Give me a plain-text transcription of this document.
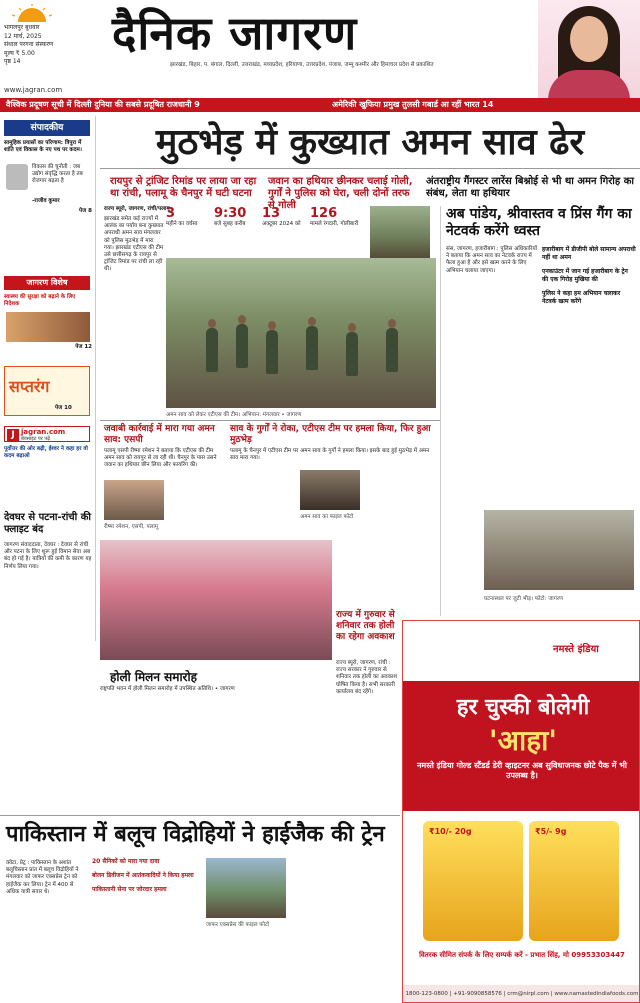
भागलपुर बुधवार
12 मार्च, 2025
संथाल परगना संस्करण
मूल्य ₹ 5.00
पृष्ठ 14
दैनिक जागरण
www.jagran.com
झारखंड, बिहार, प. बंगाल, दिल्ली, उत्तराखंड, मध्यप्रदेश, हरियाणा, उत्तरप्रदेश, पंजाब, जम्मू कश्मीर और हिमाचल प्रदेश से प्रकाशित
वैश्विक प्रदूषण सूची में दिल्ली दुनिया की सबसे प्रदूषित राजधानी 9	अमेरिकी खुफिया प्रमुख तुलसी गबार्ड आ रहीं भारत 14
संपादकीय
सामूहिक प्रयासों का परिणाम: त्रिपुरा में शांति एवं विकास के नए पथ पर कदम।
विकास की चुनौती : जब उद्योग संवृद्धि करता है तब रोजगार बढ़ता है
-राजीव कुमार
पेज 8
जागरण विशेष
स्वास्थ्य की सुरक्षा को बढ़ाने के लिए निदेशक
पेज 12
सप्तरंग
पेज 10
J jagran.com
बेवसाइट पर पढ़ें
पूर्वोत्तर की ओर बढ़ी, ईश्वर ने कहा हर वो कदम बढ़ाओ
देवघर से पटना-रांची की फ्लाइट बंद
जागरण संवाददाता, देवघर : देवघर से रांची और पटना के लिए शुरू हुई विमान सेवा अब बंद हो गई है। यात्रियों की कमी के कारण यह निर्णय लिया गया।
मुठभेड़ में कुख्यात अमन साव ढेर
रायपुर से ट्रांजिट रिमांड पर लाया जा रहा था रांची, पलामू के चैनपुर में घटी घटना
जवान का हथियार छीनकर चलाई गोली, गुर्गों ने पुलिस को घेरा, चली दोनों तरफ से गोली
अंतराष्ट्रीय गैंगस्टर लारेंस बिश्नोई से भी था अमन गिरोह का संबंध, लेता था हथियार
राज्य ब्यूरो, जागरण, रांची/पलामू
झारखंड समेत कई राज्यों में आतंक का पर्याय बना कुख्यात अपराधी अमन साव मंगलवार को पुलिस मुठभेड़ में मारा गया। झारखंड एटीएस की टीम उसे छत्तीसगढ़ के रायपुर से ट्रांजिट रिमांड पर रांची ला रही थी।
3
महीने का वर्चस्व
9:30
बजे सुबह करीब
13
अक्टूबर 2024 को
126
मामले रंगदारी, गोलीबारी
अमन साव को लेकर एटीएस की टीम। अभियान: मंगलवार • जागरण
अब पांडेय, श्रीवास्तव व प्रिंस गैंग का नेटवर्क करेंगे ध्वस्त
संस, जागरण, हजारीबाग : पुलिस अधिकारियों ने बताया कि अमन साव का नेटवर्क राज्य में फैला हुआ है और इसे खत्म करने के लिए अभियान चलाया जाएगा।
हजारीबाग में डीजीपी बोले सामान्य अपराधी नहीं था अमन
एनकाउंटर में जान गई हजारीबाग के ट्रेन की एक गिरोह मुखिया की
पुलिस ने कहा हम अभियान चलाकर नेटवर्क खत्म करेंगे
जवाबी कार्रवाई में मारा गया अमन साव: एसपी
पलामू एसपी रीष्मा रमेशन ने बताया कि एटीएस की टीम अमन साव को रायपुर से ला रही थी। चैनपुर के पास उसने जवान का हथियार छीन लिया और फायरिंग की।
रीष्मा रमेशन, एसपी, पलामू
साव के गुर्गों ने रोका, एटीएस टीम पर हमला किया, फिर हुआ मुठभेड़
पलामू के चैनपुर में एटीएस टीम पर अमन साव के गुर्गों ने हमला किया। इसके बाद हुई मुठभेड़ में अमन साव मारा गया।
अमन साव का फाइल फोटो
घटनास्थल पर जुटी भीड़। फोटो: जागरण
होली मिलन समारोह
राष्ट्रपति भवन में होली मिलन समारोह में उपस्थित अतिथि। • जागरण
राज्य में गुरुवार से शनिवार तक होली का रहेगा अवकाश
राज्य ब्यूरो, जागरण, रांची : राज्य सरकार ने गुरुवार से शनिवार तक होली का अवकाश घोषित किया है। सभी सरकारी कार्यालय बंद रहेंगे।
नमस्ते इंडिया
हर चुस्की बोलेगी
'आहा'
नमस्ते इंडिया गोल्ड स्टैंडर्ड डेरी व्हाइटनर अब सुविधाजनक छोटे पैक में भी उपलब्ध है।
₹10/- 20g	₹5/- 9g
वितरक सीमित संपर्क के लिए सम्पर्क करें - प्रभात सिंह, मो 09953303447
1800-123-0800 | +91-9090858576 | crm@nirpl.com | www.namastedindiafoods.com
पाकिस्तान में बलूच विद्रोहियों ने हाईजैक की ट्रेन
क्वेटा, प्रेट्र : पाकिस्तान के अशांत बलूचिस्तान प्रांत में बलूच विद्रोहियों ने मंगलवार को जाफर एक्सप्रेस ट्रेन को हाईजैक कर लिया। ट्रेन में 400 से अधिक यात्री सवार थे।
20 सैनिकों को मारा गया दावा
बोलन डिवीजन में आतंकवादियों ने किया हमला
पाकिस्तानी सेना पर जोरदार हमला
जाफर एक्सप्रेस की फाइल फोटो
